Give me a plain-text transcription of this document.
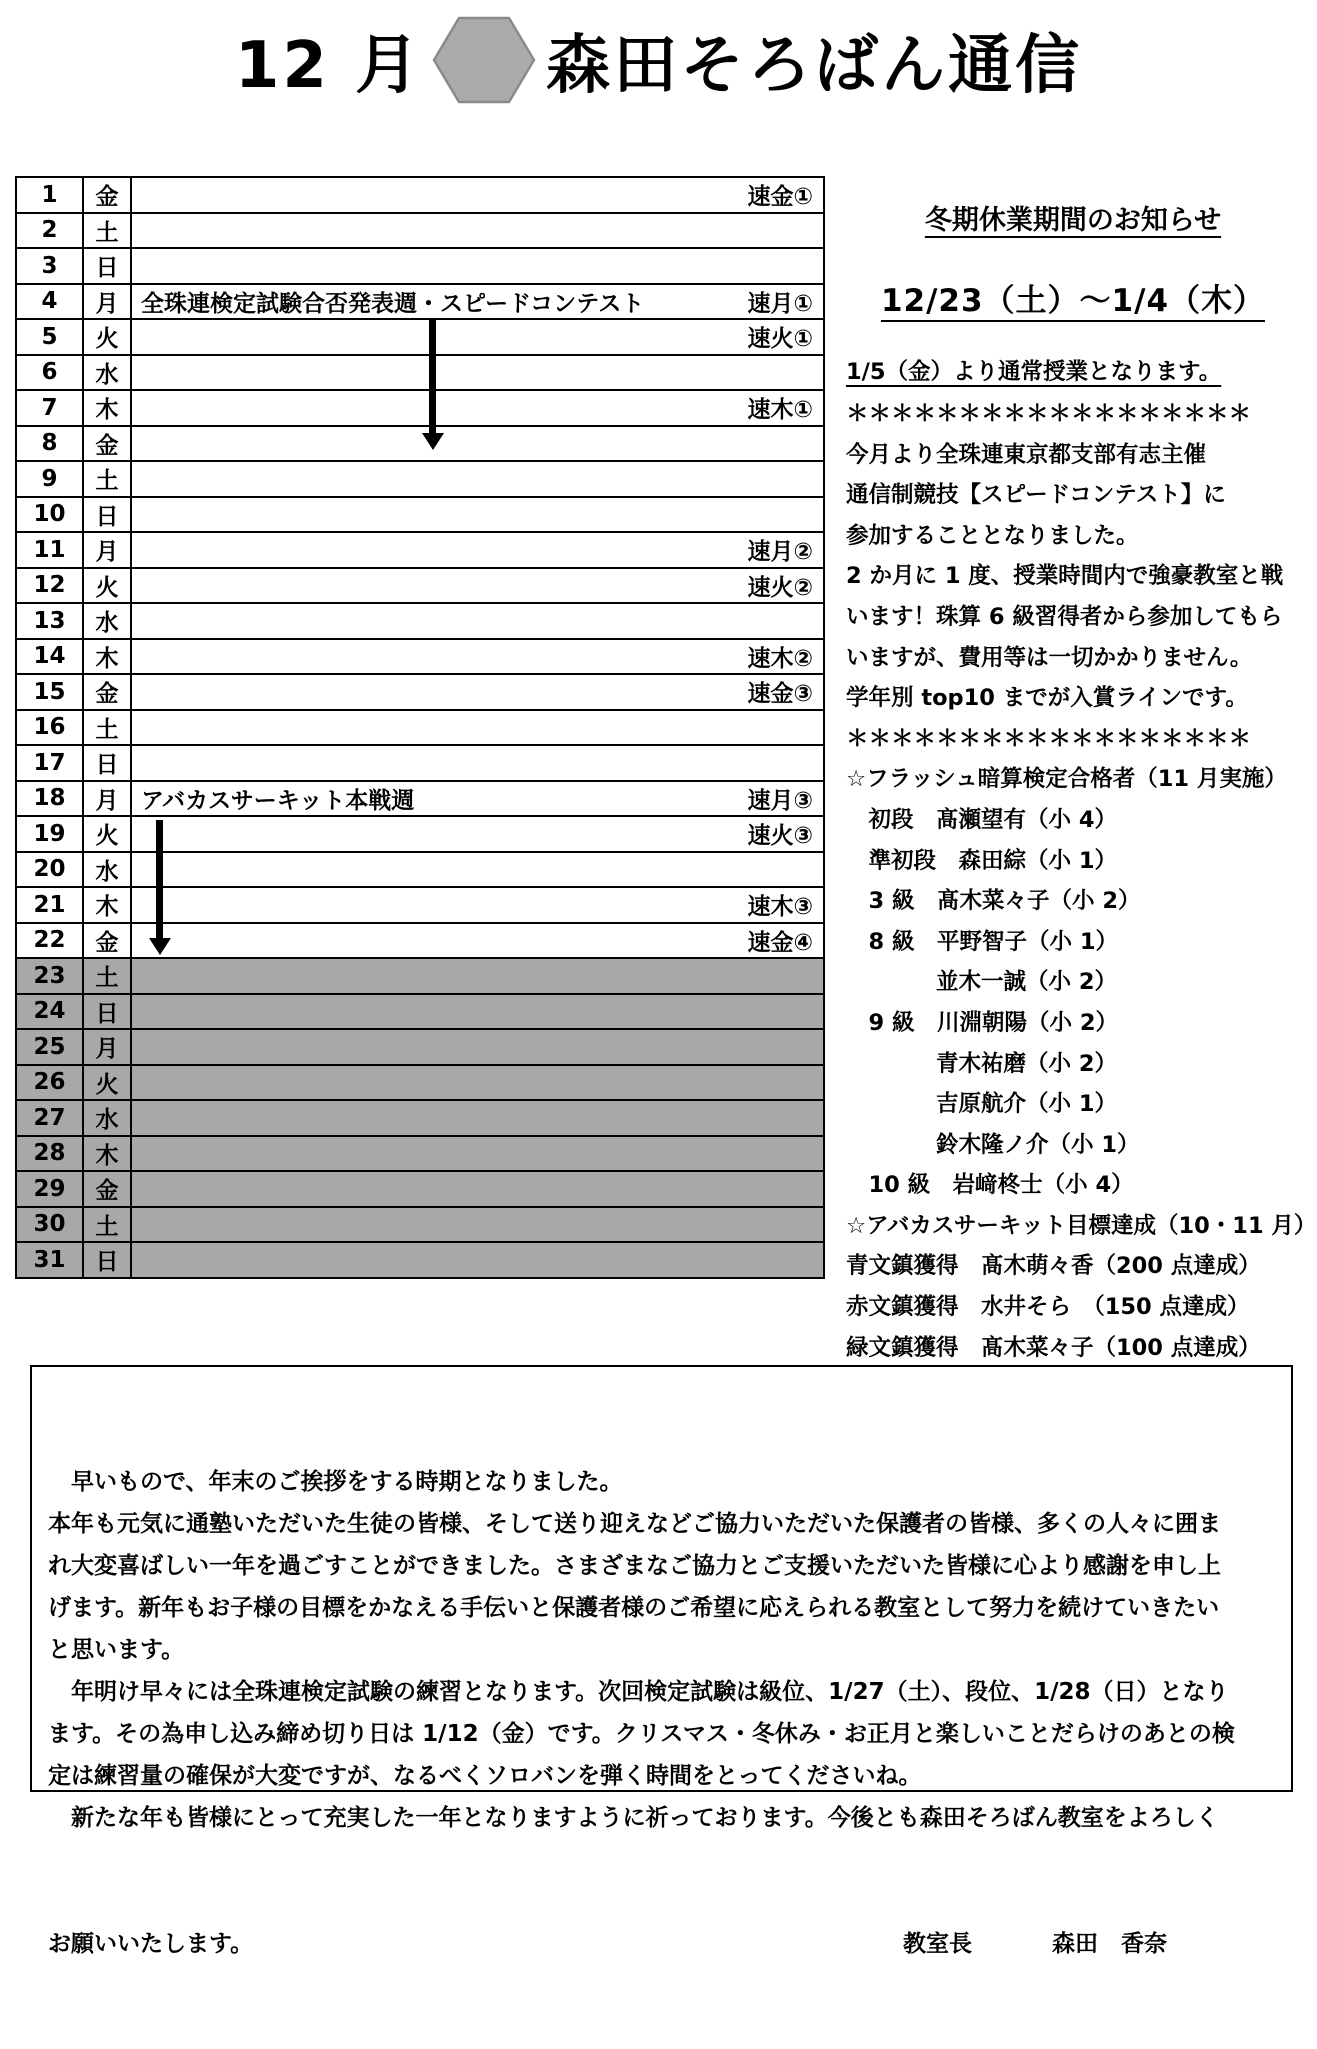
12 月 森田そろばん通信
1	金	速金①

2	土	

3	日	

4	月	全珠連検定試験合否発表週・スピードコンテスト 速月①

5	火	速火①

6	水	

7	木	速木①

8	金	

9	土	

10	日	

11	月	速月②

12	火	速火②

13	水	

14	木	速木②

15	金	速金③

16	土	

17	日	

18	月	アバカスサーキット本戦週 速月③

19	火	速火③

20	水	

21	木	速木③

22	金	速金④

23	土	

24	日	

25	月	

26	火	

27	水	

28	木	

29	金	

30	土	

31	日	
冬期休業期間のお知らせ
12/23（土）～1/4（木）
1/5（金）より通常授業となります。
＊＊＊＊＊＊＊＊＊＊＊＊＊＊＊＊＊＊
今月より全珠連東京都支部有志主催
通信制競技【スピードコンテスト】に
参加することとなりました。
2 か月に 1 度、授業時間内で強豪教室と戦
います！珠算 6 級習得者から参加してもら
いますが、費用等は一切かかりません。
学年別 top10 までが入賞ラインです。
＊＊＊＊＊＊＊＊＊＊＊＊＊＊＊＊＊＊
☆フラッシュ暗算検定合格者（11 月実施）
　初段　髙瀬望有（小 4）
　準初段　森田綜（小 1）
　3 級　髙木菜々子（小 2）
　8 級　平野智子（小 1）
　　　　並木一誠（小 2）
　9 級　川淵朝陽（小 2）
　　　　青木祐磨（小 2）
　　　　吉原航介（小 1）
　　　　鈴木隆ノ介（小 1）
　10 級　岩﨑柊士（小 4）
☆アバカスサーキット目標達成（10・11 月）
青文鎮獲得　髙木萌々香（200 点達成）
赤文鎮獲得　水井そら　（150 点達成）
緑文鎮獲得　髙木菜々子（100 点達成）

　早いもので、年末のご挨拶をする時期となりました。
本年も元気に通塾いただいた生徒の皆様、そして送り迎えなどご協力いただいた保護者の皆様、多くの人々に囲ま
れ大変喜ばしい一年を過ごすことができました。さまざまなご協力とご支援いただいた皆様に心より感謝を申し上
げます。新年もお子様の目標をかなえる手伝いと保護者様のご希望に応えられる教室として努力を続けていきたい
と思います。
　年明け早々には全珠連検定試験の練習となります。次回検定試験は級位、1/27（土）、段位、1/28（日）となり
ます。その為申し込み締め切り日は 1/12（金）です。クリスマス・冬休み・お正月と楽しいことだらけのあとの検
定は練習量の確保が大変ですが、なるべくソロバンを弾く時間をとってくださいね。
　新たな年も皆様にとって充実した一年となりますように祈っております。今後とも森田そろばん教室をよろしく

お願いいたします。	教室長	森田　香奈
